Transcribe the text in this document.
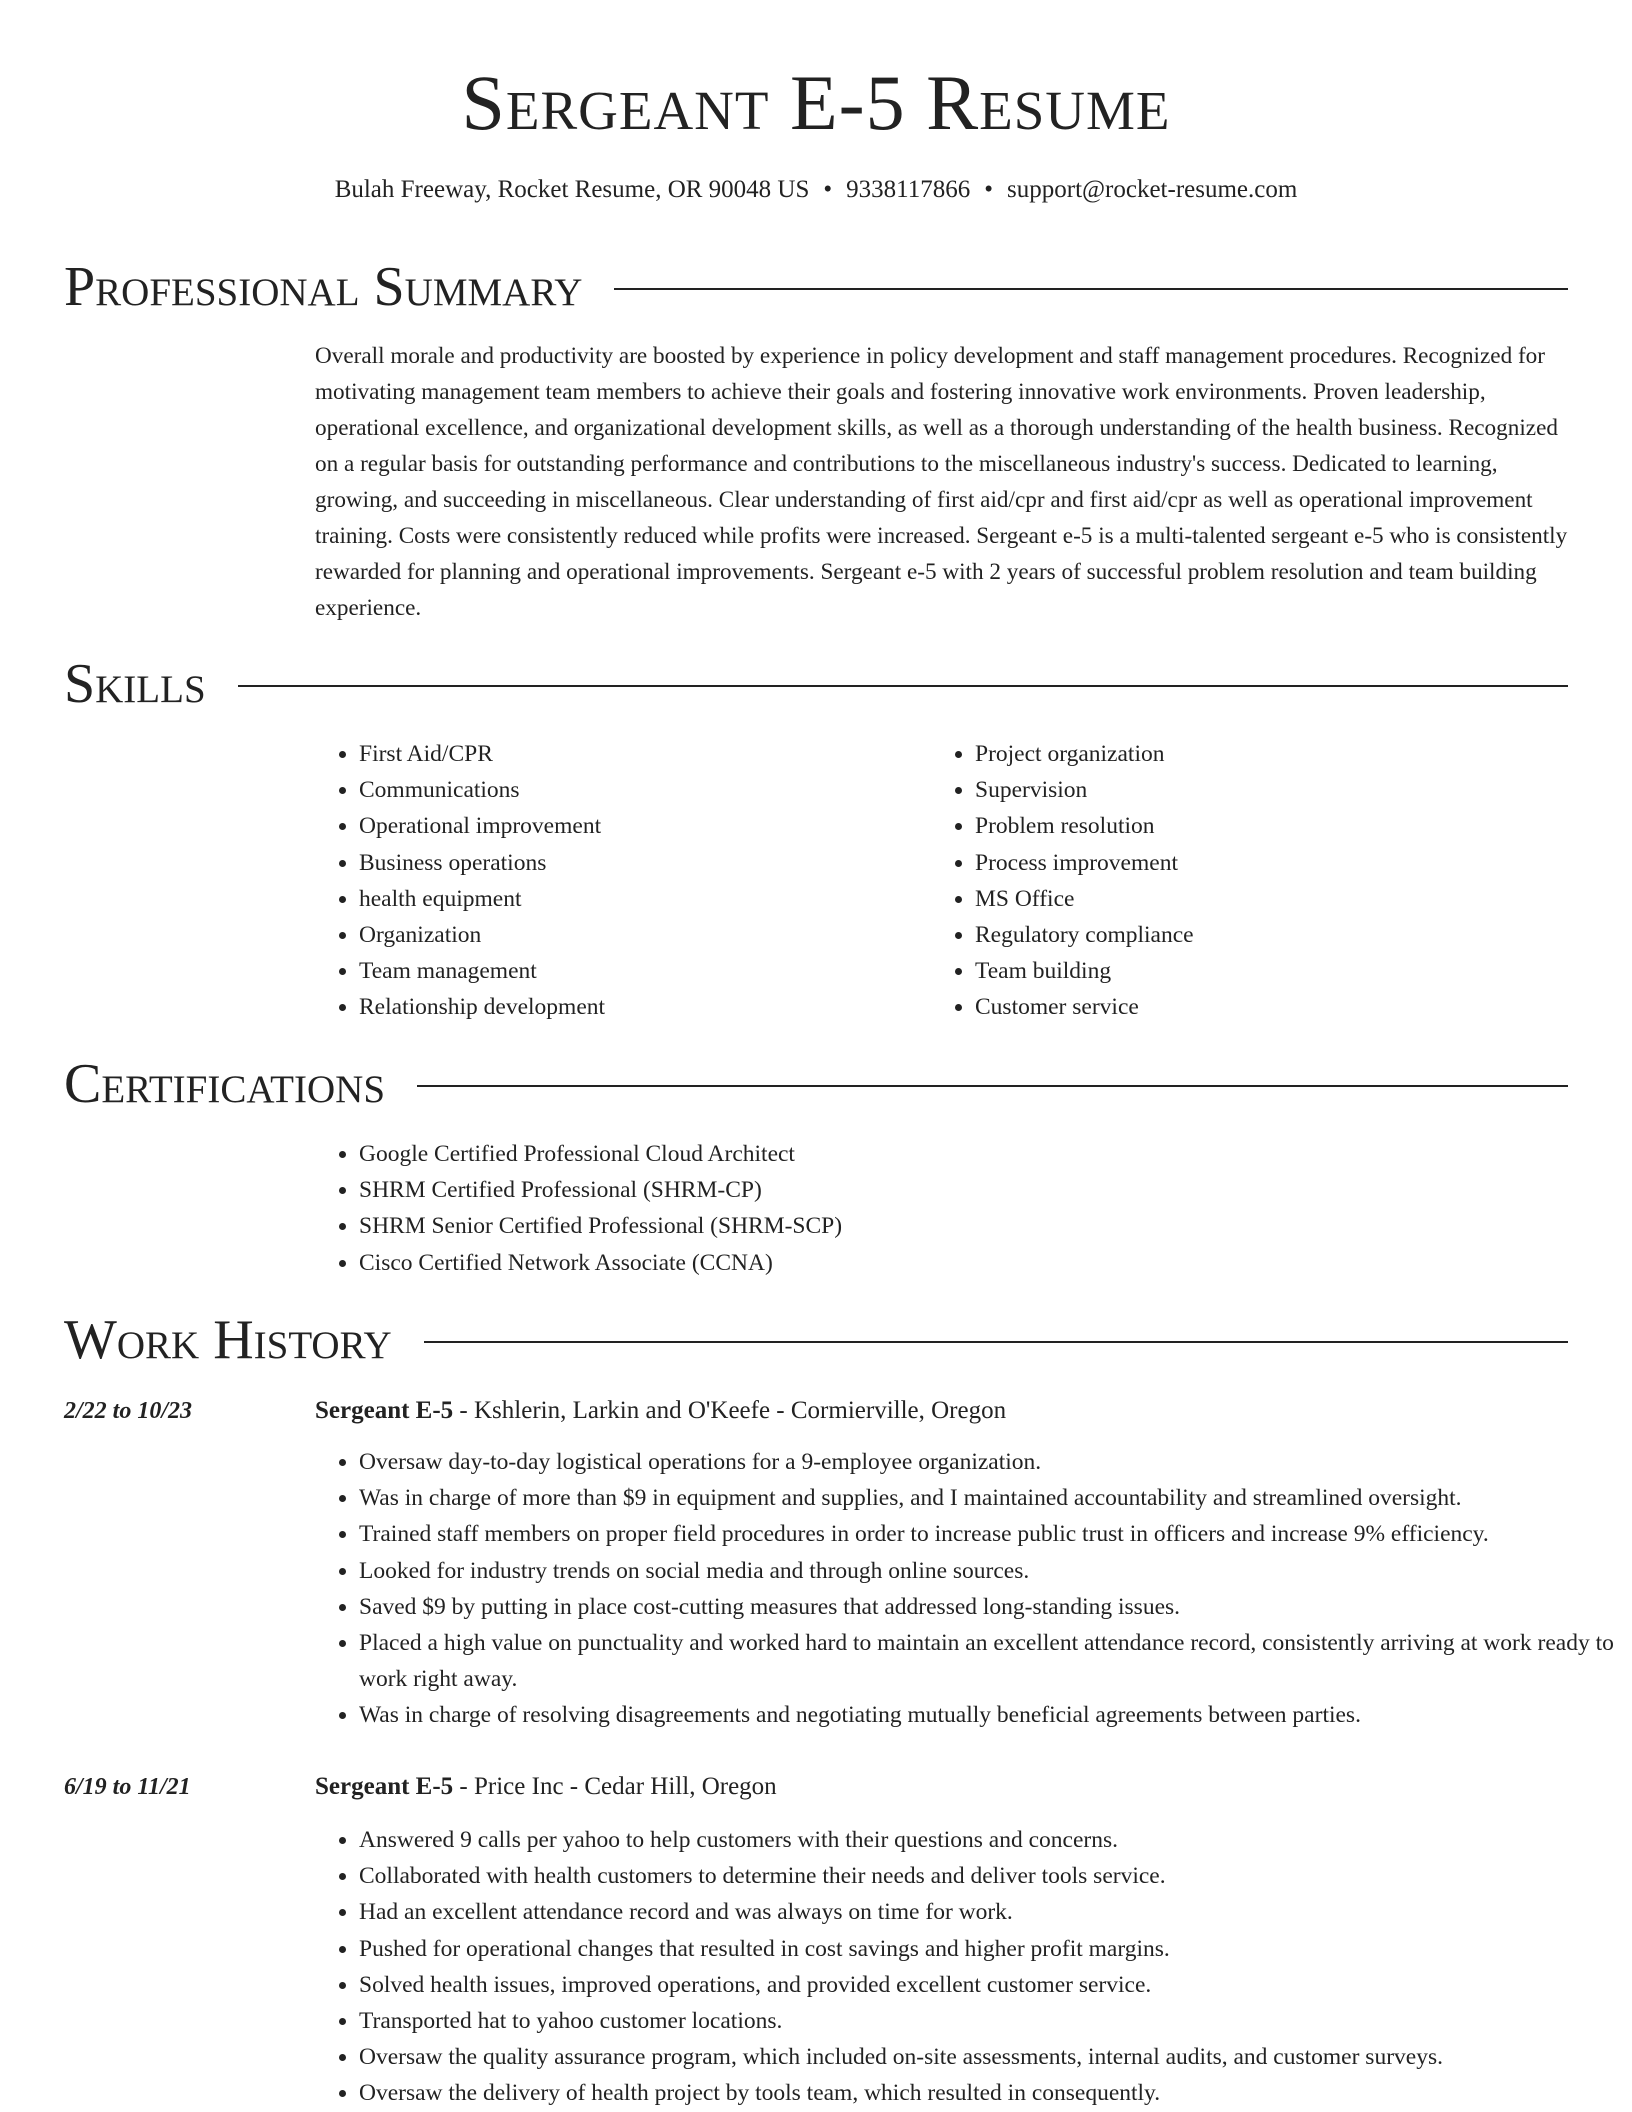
Sergeant E-5 Resume
Bulah Freeway, Rocket Resume, OR 90048 US • 9338117866 • support@rocket-resume.com
Professional Summary

Overall morale and productivity are boosted by experience in policy development and staff management procedures. Recognized for motivating management team members to achieve their goals and fostering innovative work environments. Proven leadership, operational excellence, and organizational development skills, as well as a thorough understanding of the health business. Recognized on a regular basis for outstanding performance and contributions to the miscellaneous industry's success. Dedicated to learning, growing, and succeeding in miscellaneous. Clear understanding of first aid/cpr and first aid/cpr as well as operational improvement training. Costs were consistently reduced while profits were increased. Sergeant e-5 is a multi-talented sergeant e-5 who is consistently rewarded for planning and operational improvements. Sergeant e-5 with 2 years of successful problem resolution and team building experience.

Skills
• First Aid/CPR
• Communications
• Operational improvement
• Business operations
• health equipment
• Organization
• Team management
• Relationship development
• Project organization
• Supervision
• Problem resolution
• Process improvement
• MS Office
• Regulatory compliance
• Team building
• Customer service
Certifications
• Google Certified Professional Cloud Architect
• SHRM Certified Professional (SHRM-CP)
• SHRM Senior Certified Professional (SHRM-SCP)
• Cisco Certified Network Associate (CCNA)
Work History
2/22 to 10/23	Sergeant E-5 - Kshlerin, Larkin and O'Keefe - Cormierville, Oregon
• Oversaw day-to-day logistical operations for a 9-employee organization.
• Was in charge of more than $9 in equipment and supplies, and I maintained accountability and streamlined oversight.
• Trained staff members on proper field procedures in order to increase public trust in officers and increase 9% efficiency.
• Looked for industry trends on social media and through online sources.
• Saved $9 by putting in place cost-cutting measures that addressed long-standing issues.
• Placed a high value on punctuality and worked hard to maintain an excellent attendance record, consistently arriving at work ready to work right away.
• Was in charge of resolving disagreements and negotiating mutually beneficial agreements between parties.
6/19 to 11/21	Sergeant E-5 - Price Inc - Cedar Hill, Oregon
• Answered 9 calls per yahoo to help customers with their questions and concerns.
• Collaborated with health customers to determine their needs and deliver tools service.
• Had an excellent attendance record and was always on time for work.
• Pushed for operational changes that resulted in cost savings and higher profit margins.
• Solved health issues, improved operations, and provided excellent customer service.
• Transported hat to yahoo customer locations.
• Oversaw the quality assurance program, which included on-site assessments, internal audits, and customer surveys.
• Oversaw the delivery of health project by tools team, which resulted in consequently.
